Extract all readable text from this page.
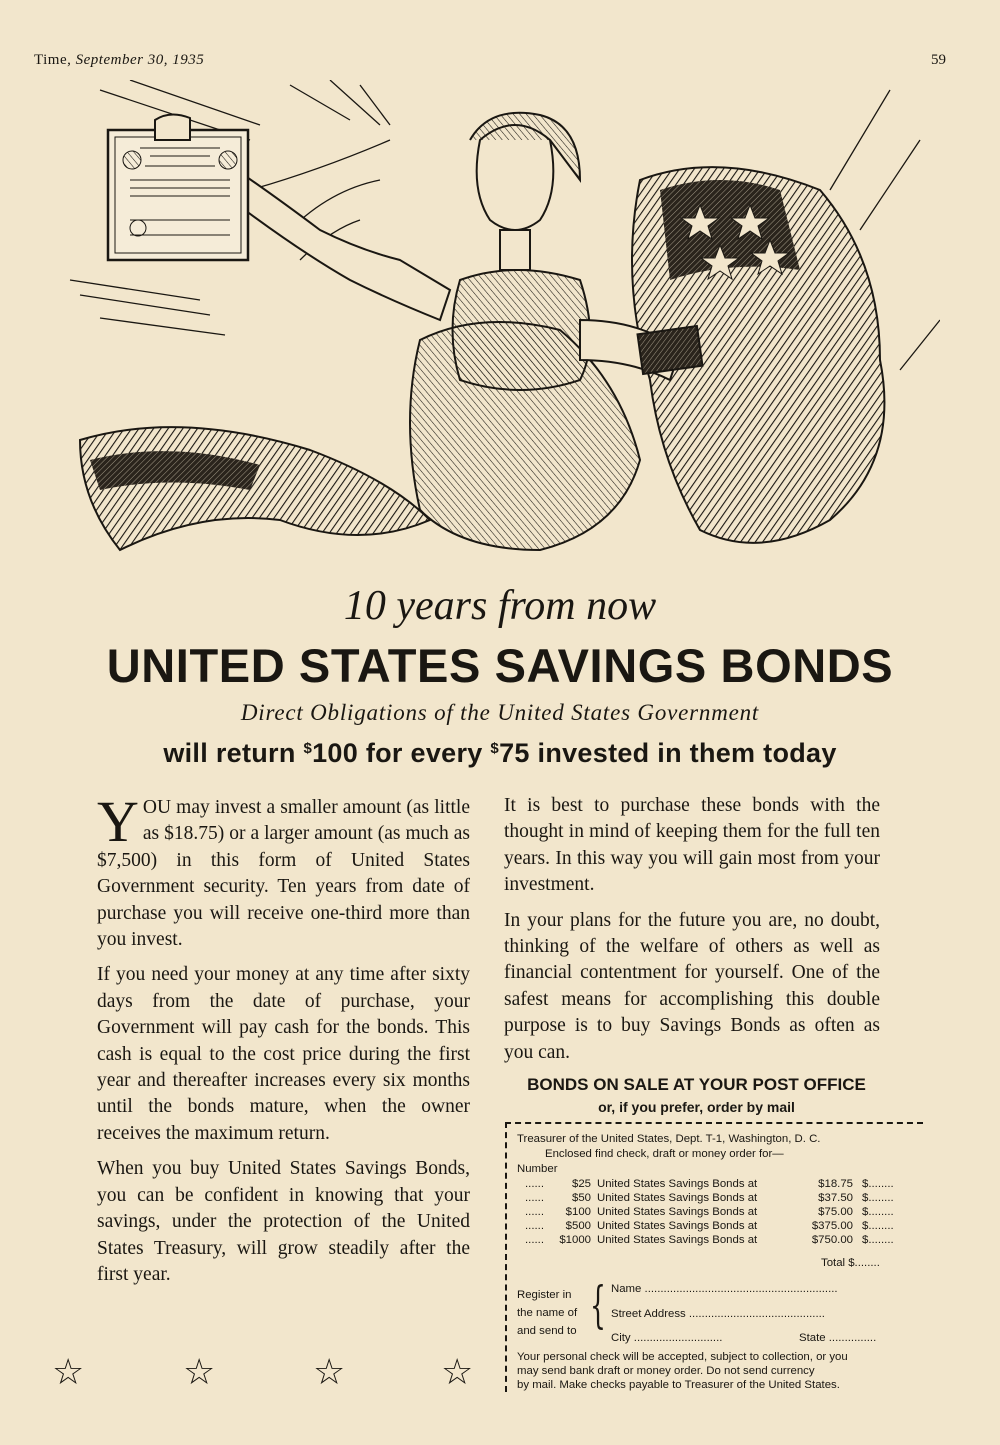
Time, September 30, 1935	59
10 years from now
UNITED STATES SAVINGS BONDS
Direct Obligations of the United States Government
will return $100 for every $75 invested in them today

YOU may invest a smaller amount (as little as $18.75) or a larger amount (as much as $7,500) in this form of United States Government security. Ten years from date of purchase you will receive one-third more than you invest.

If you need your money at any time after sixty days from the date of purchase, your Government will pay cash for the bonds. This cash is equal to the cost price during the first year and thereafter increases every six months until the bonds mature, when the owner receives the maximum return.

When you buy United States Savings Bonds, you can be confident in knowing that your savings, under the protection of the United States Treasury, will grow steadily after the first year.

It is best to purchase these bonds with the thought in mind of keeping them for the full ten years. In this way you will gain most from your investment.

In your plans for the future you are, no doubt, thinking of the welfare of others as well as financial contentment for yourself. One of the safest means for accomplishing this double purpose is to buy Savings Bonds as often as you can.

☆	☆	☆	☆
BONDS ON SALE AT YOUR POST OFFICE
or, if you prefer, order by mail
Treasurer of the United States, Dept. T-1, Washington, D. C.
Enclosed find check, draft or money order for—
Number
...... $25 United States Savings Bonds at	$18.75 $........
...... $50 United States Savings Bonds at	$37.50 $........
...... $100 United States Savings Bonds at	$75.00 $........
...... $500 United States Savings Bonds at	$375.00 $........
...... $1000 United States Savings Bonds at	$750.00 $........
Total $........
Register in
the name of
and send to { Name .............................................................
Street Address ...........................................
City ............................	State ...............
Your personal check will be accepted, subject to collection, or you
may send bank draft or money order. Do not send currency
by mail. Make checks payable to Treasurer of the United States.
